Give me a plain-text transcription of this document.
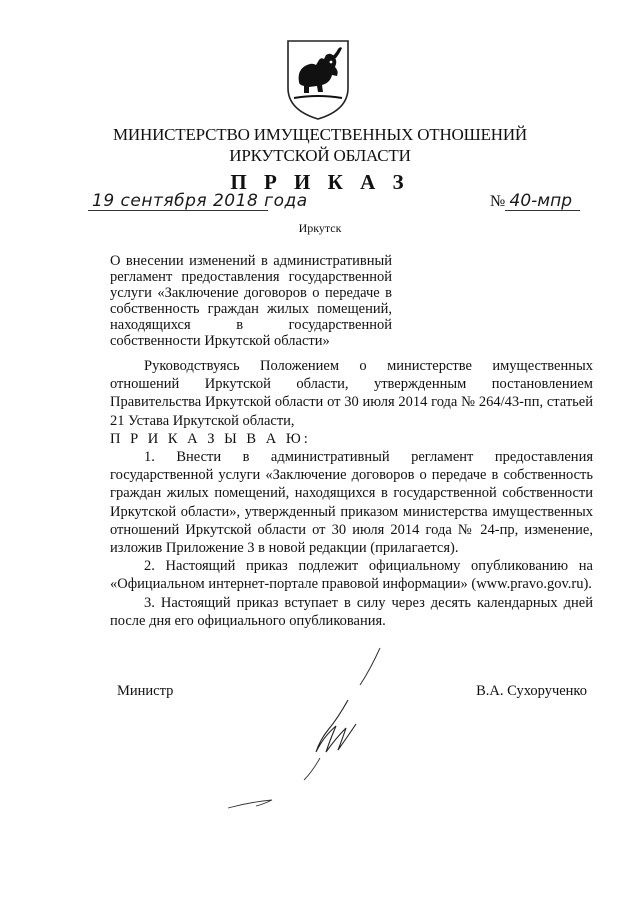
МИНИСТЕРСТВО ИМУЩЕСТВЕННЫХ ОТНОШЕНИЙ
ИРКУТСКОЙ ОБЛАСТИ
П Р И К А З
19 сентября 2018 года	№ 40-мпр
Иркутск
О внесении изменений в административный регламент предоставления государственной услуги «Заключение договоров о передаче в собственность граждан жилых помещений, находящихся в государственной собственности Иркутской области»

Руководствуясь Положением о министерстве имущественных отношений Иркутской области, утвержденным постановлением Правительства Иркутской области от 30 июля 2014 года № 264/43-пп, статьей 21 Устава Иркутской области,

П Р И К А З Ы В А Ю:

1. Внести в административный регламент предоставления государственной услуги «Заключение договоров о передаче в собственность граждан жилых помещений, находящихся в государственной собственности Иркутской области», утвержденный приказом министерства имущественных отношений Иркутской области от 30 июля 2014 года № 24-пр, изменение, изложив Приложение 3 в новой редакции (прилагается).

2. Настоящий приказ подлежит официальному опубликованию на «Официальном интернет-портале правовой информации» (www.pravo.gov.ru).

3. Настоящий приказ вступает в силу через десять календарных дней после дня его официального опубликования.

Министр	В.А. Сухорученко
